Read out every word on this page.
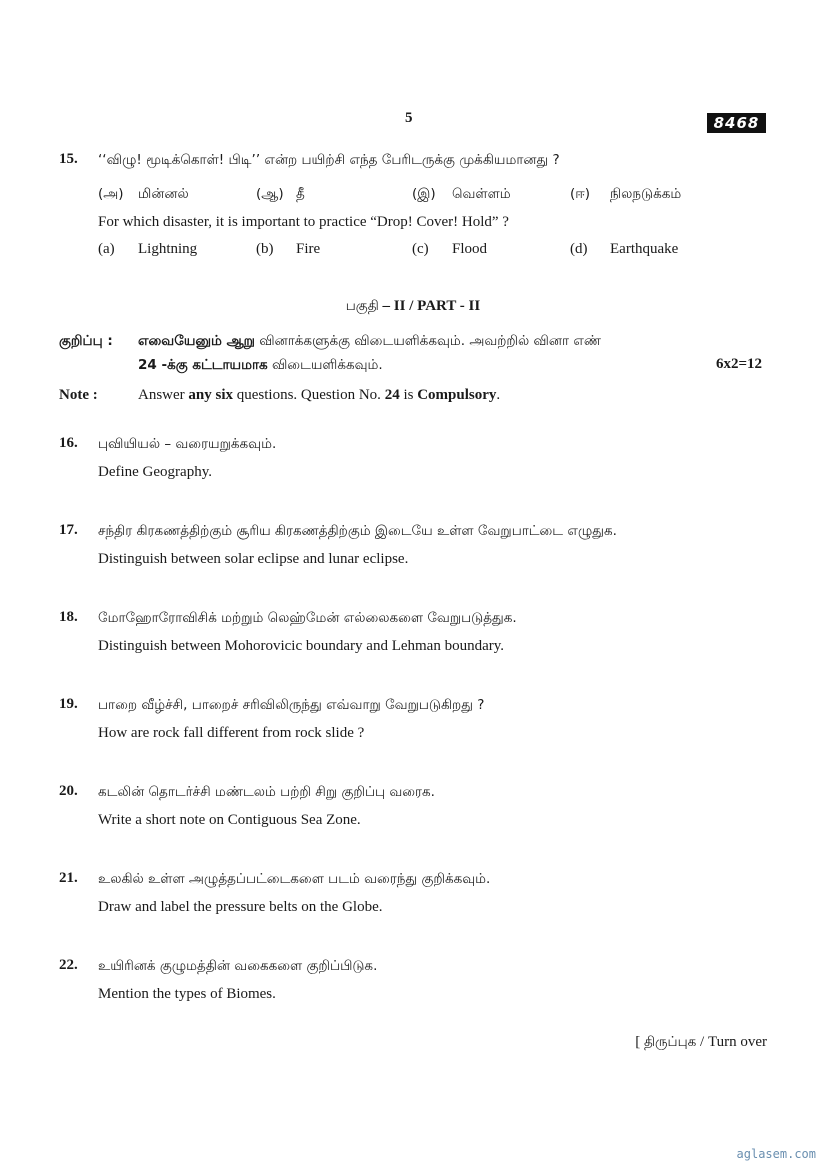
5	8468
15. ‘‘விழு! மூடிக்கொள்! பிடி’’ என்ற பயிற்சி எந்த பேரிடருக்கு முக்கியமானது ?
(அ) மின்னல்	(ஆ) தீ	(இ) வெள்ளம்	(ஈ) நிலநடுக்கம்
For which disaster, it is important to practice “Drop! Cover! Hold” ?
(a) Lightning	(b) Fire	(c) Flood	(d) Earthquake
பகுதி – II / PART - II
குறிப்பு : எவையேனும் ஆறு வினாக்களுக்கு விடையளிக்கவும். அவற்றில் வினா எண்
24 -க்கு கட்டாயமாக விடையளிக்கவும்.	6x2=12
Note :	Answer any six questions. Question No. 24 is Compulsory.
16. புவியியல் – வரையறுக்கவும்.
Define Geography.
17. சந்திர கிரகணத்திற்கும் சூரிய கிரகணத்திற்கும் இடையே உள்ள வேறுபாட்டை எழுதுக.
Distinguish between solar eclipse and lunar eclipse.
18. மோஹோரோவிசிக் மற்றும் லெஹ்மேன் எல்லைகளை வேறுபடுத்துக.
Distinguish between Mohorovicic boundary and Lehman boundary.
19. பாறை வீழ்ச்சி, பாறைச் சரிவிலிருந்து எவ்வாறு வேறுபடுகிறது ?
How are rock fall different from rock slide ?
20. கடலின் தொடர்ச்சி மண்டலம் பற்றி சிறு குறிப்பு வரைக.
Write a short note on Contiguous Sea Zone.
21. உலகில் உள்ள அழுத்தப்பட்டைகளை படம் வரைந்து குறிக்கவும்.
Draw and label the pressure belts on the Globe.
22. உயிரினக் குழுமத்தின் வகைகளை குறிப்பிடுக.
Mention the types of Biomes.
[ திருப்புக / Turn over
aglasem.com
